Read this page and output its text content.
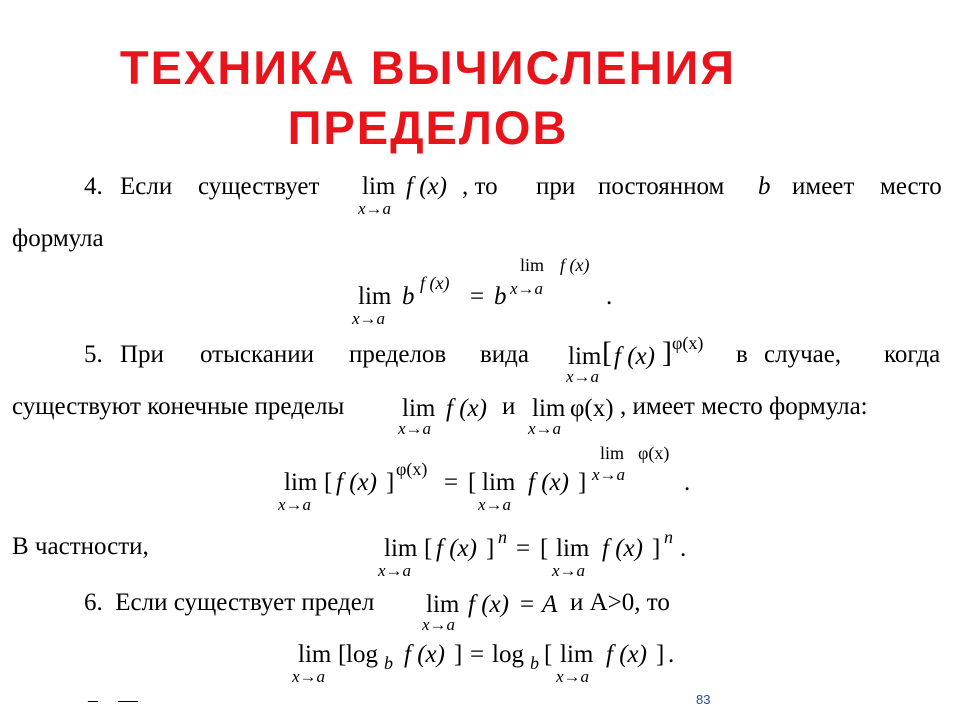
ТЕХНИКА ВЫЧИСЛЕНИЯ
ПРЕДЕЛОВ
4. Если существует lim
x→a
f (x) , то при постоянном b имеет место
формула
lim
x→a
b f (x) = b
lim f (x)
x→a	.
5. При отыскании пределов вида lim
x→a
[ f (x) ] φ(x) в случае, когда
существуют конечные пределы lim
x→a
f (x) и lim
x→a
φ(x) , имеет место формула:
lim
x→a
[ f (x) ] φ(x) = [ lim
x→a
f (x) ]
lim φ(x)
x→a .
В частности,	lim
x→a
[ f (x) ] n = [ lim
x→a
f (x) ] n .
6.  Если существует предел lim
x→a
f (x) = A и A>0, то
lim
x→a
[ log b f (x) ] = log b [ lim
x→a
f (x) ] .
–    ––	83
